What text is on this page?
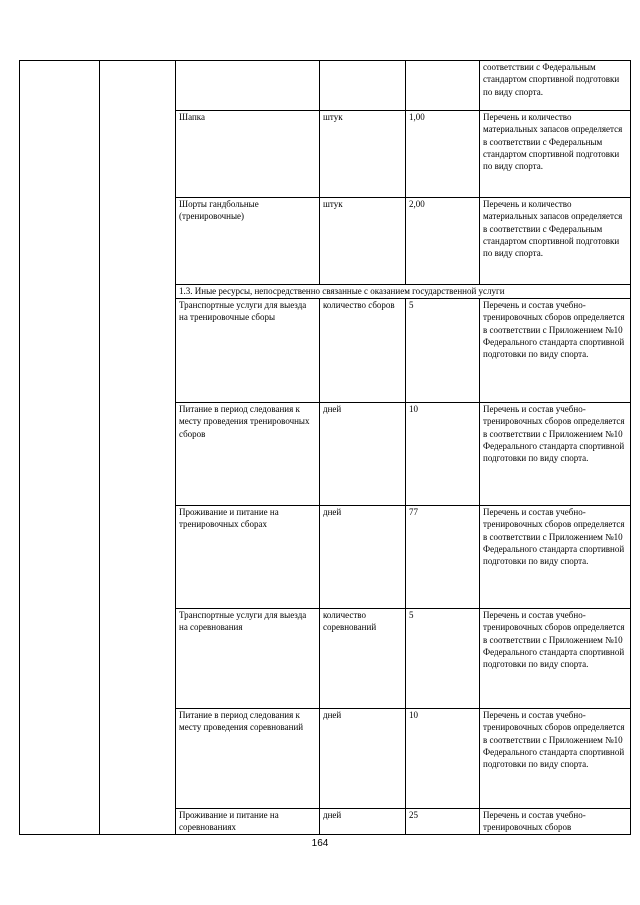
					соответствии с Федеральным стандартом спортивной подготовки по виду спорта.
		Шапка	штук	1,00	Перечень и количество материальных запасов определяется в соответствии с Федеральным стандартом спортивной подготовки по виду спорта.
		Шорты гандбольные (тренировочные)	штук	2,00	Перечень и количество материальных запасов определяется в соответствии с Федеральным стандартом спортивной подготовки по виду спорта.
		1.3. Иные ресурсы, непосредственно связанные с оказанием государственной услуги			
		Транспортные услуги для выезда на тренировочные сборы	количество сборов	5	Перечень и состав учебно-тренировочных сборов определяется в соответствии с Приложением №10 Федерального стандарта спортивной подготовки по виду спорта.
		Питание в период следования к месту проведения тренировочных сборов	дней	10	Перечень и состав учебно-тренировочных сборов определяется в соответствии с Приложением №10 Федерального стандарта спортивной подготовки по виду спорта.
		Проживание и питание на тренировочных сборах	дней	77	Перечень и состав учебно-тренировочных сборов определяется в соответствии с Приложением №10 Федерального стандарта спортивной подготовки по виду спорта.
		Транспортные услуги для выезда на соревнования	количество соревнований	5	Перечень и состав учебно-тренировочных сборов определяется в соответствии с Приложением №10 Федерального стандарта спортивной подготовки по виду спорта.
		Питание в период следования к месту проведения соревнований	дней	10	Перечень и состав учебно-тренировочных сборов определяется в соответствии с Приложением №10 Федерального стандарта спортивной подготовки по виду спорта.
		Проживание и питание на соревнованиях	дней	25	Перечень и состав учебно-тренировочных сборов
164
